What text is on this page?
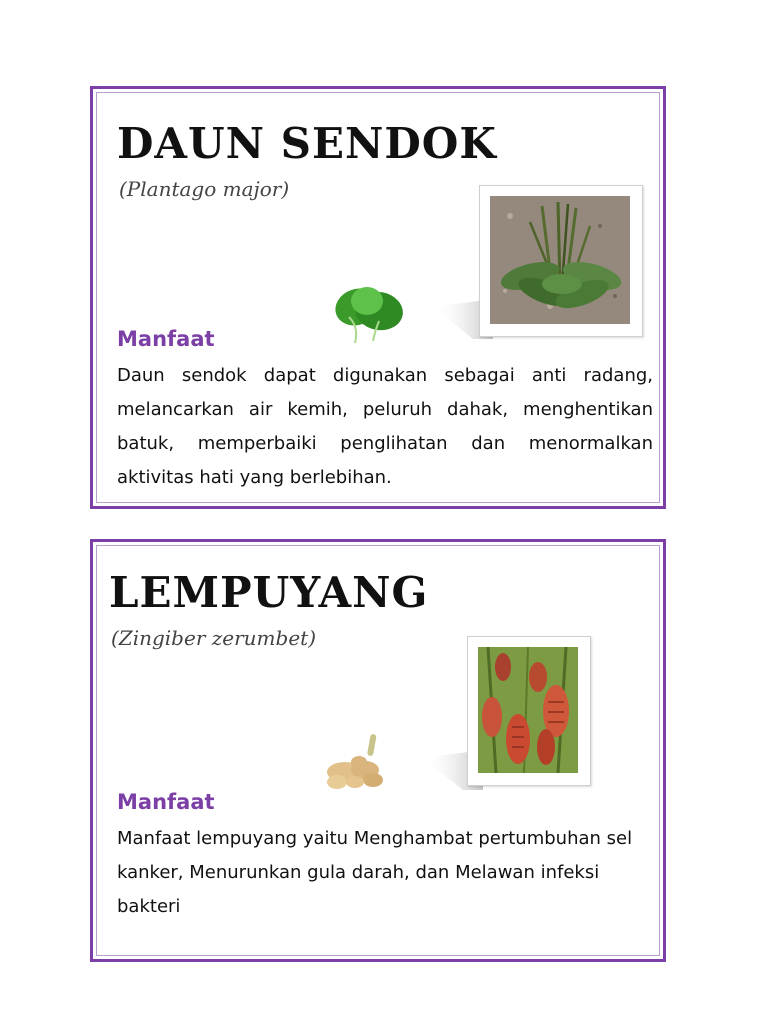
DAUN SENDOK
(Plantago major)
Manfaat
Daun sendok dapat digunakan sebagai anti radang, melancarkan air kemih, peluruh dahak, menghentikan batuk, memperbaiki penglihatan dan menormalkan aktivitas hati yang berlebihan.
LEMPUYANG
(Zingiber zerumbet)
Manfaat
Manfaat lempuyang yaitu Menghambat pertumbuhan sel kanker, Menurunkan gula darah, dan Melawan infeksi bakteri
